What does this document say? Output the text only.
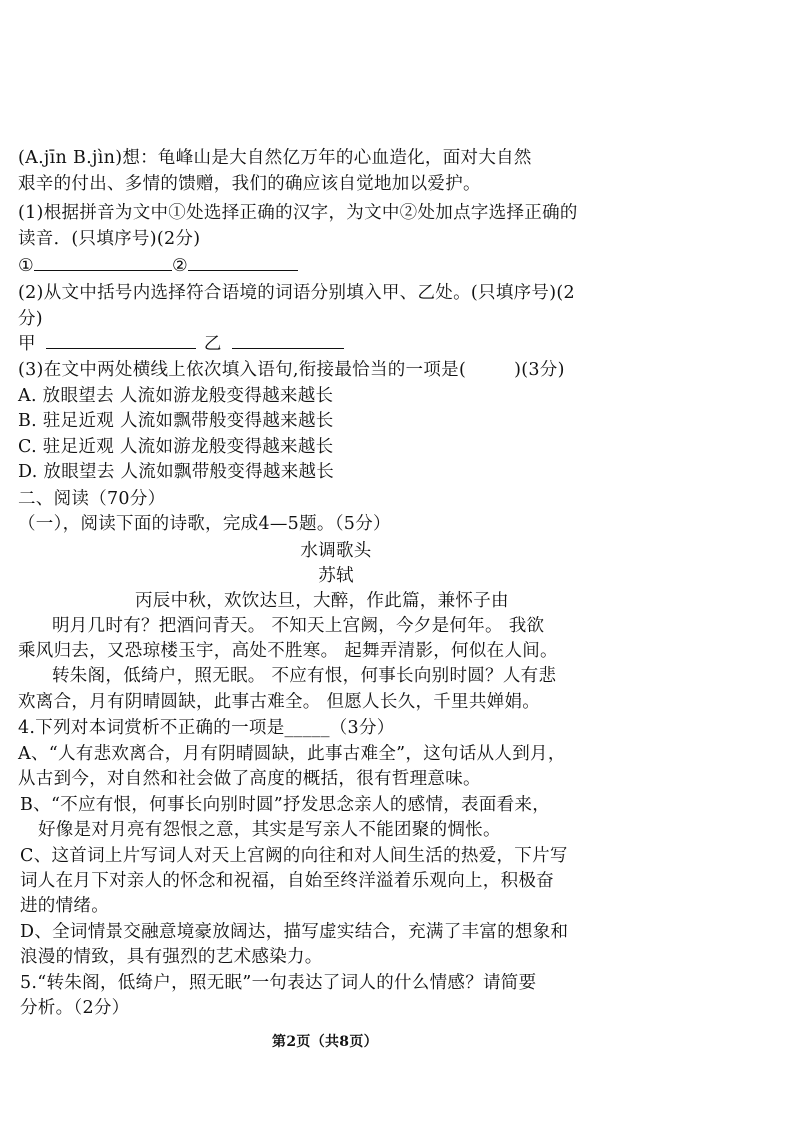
(A.jīn B.jìn)想：龟峰山是大自然亿万年的心血造化，面对大自然
艰辛的付出、多情的馈赠，我们的确应该自觉地加以爱护。
(1)根据拼音为文中①处选择正确的汉字，为文中②处加点字选择正确的
读音．(只填序号)(2分)
①	②
(2)从文中括号内选择符合语境的词语分别填入甲、乙处。(只填序号)(2
分)
甲	乙
(3)在文中两处横线上依次填入语句,衔接最恰当的一项是(	)(3分)
A. 放眼望去 人流如游龙般变得越来越长
B. 驻足近观 人流如飘带般变得越来越长
C. 驻足近观 人流如游龙般变得越来越长
D. 放眼望去 人流如飘带般变得越来越长
二、阅读（70分）
（一），阅读下面的诗歌，完成4—5题。（5分）
水调歌头
苏轼
丙辰中秋，欢饮达旦，大醉，作此篇，兼怀子由
明月几时有？把酒问青天。 不知天上宫阙，今夕是何年。 我欲
乘风归去，又恐琼楼玉宇，高处不胜寒。 起舞弄清影，何似在人间。
转朱阁，低绮户，照无眠。 不应有恨，何事长向别时圆？人有悲
欢离合，月有阴晴圆缺，此事古难全。 但愿人长久，千里共婵娟。
4.下列对本词赏析不正确的一项是_____（3分）
A、“人有悲欢离合，月有阴晴圆缺，此事古难全”，这句话从人到月，
从古到今，对自然和社会做了高度的概括，很有哲理意味。
B、“不应有恨，何事长向别时圆”抒发思念亲人的感情，表面看来，
好像是对月亮有怨恨之意，其实是写亲人不能团聚的惆怅。
C、这首词上片写词人对天上宫阙的向往和对人间生活的热爱，下片写
词人在月下对亲人的怀念和祝福，自始至终洋溢着乐观向上，积极奋
进的情绪。
D、全词情景交融意境豪放阔达，描写虚实结合，充满了丰富的想象和
浪漫的情致，具有强烈的艺术感染力。
5.“转朱阁，低绮户，照无眠”一句表达了词人的什么情感？请简要
分析。（2分）
第2页（共8页）
